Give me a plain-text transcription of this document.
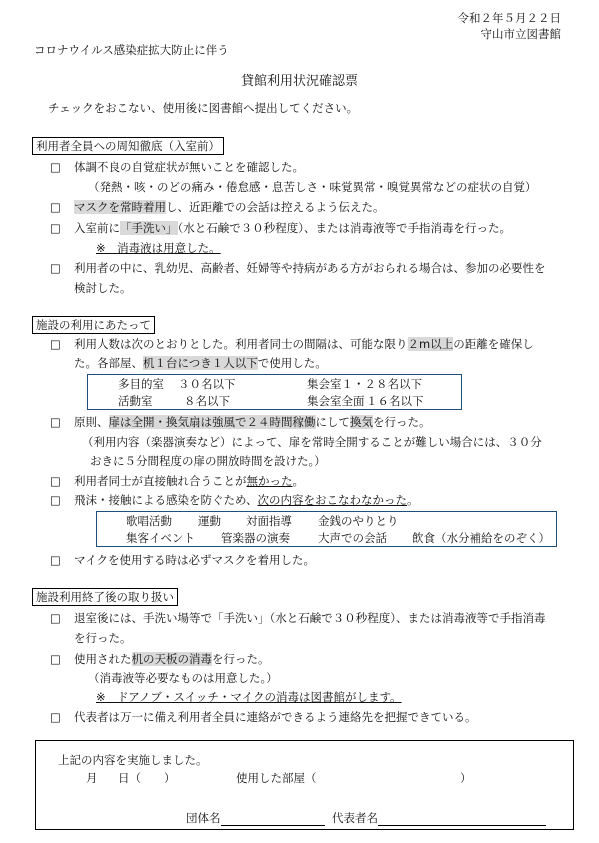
令和２年５月２２日
守山市立図書館
コロナウイルス感染症拡大防止に伴う
貸館利用状況確認票
チェックをおこない、使用後に図書館へ提出してください。
利用者全員への周知徹底（入室前）
□ 体調不良の自覚症状が無いことを確認した。
（発熱・咳・のどの痛み・倦怠感・息苦しさ・味覚異常・嗅覚異常などの症状の自覚）
□ マスクを常時着用し、近距離での会話は控えるよう伝えた。
□ 入室前に「手洗い」（水と石鹸で３０秒程度）、または消毒液等で手指消毒を行った。
※　消毒液は用意した。
□ 利用者の中に、乳幼児、高齢者、妊婦等や持病がある方がおられる場合は、参加の必要性を
検討した。
施設の利用にあたって
□ 利用人数は次のとおりとした。利用者同士の間隔は、可能な限り２m以上の距離を確保し
た。各部屋、机１台につき１人以下で使用した。
多目的室 ３０名以下	集会室１・２ ８名以下
活動室	８名以下	集会室全面 １６名以下
□ 原則、扉は全開・換気扇は強風で２４時間稼働にして換気を行った。
（利用内容（楽器演奏など）によって、扉を常時全開することが難しい場合には、３０分
おきに５分間程度の扉の開放時間を設けた。）
□ 利用者同士が直接触れ合うことが無かった。
□ 飛沫・接触による感染を防ぐため、次の内容をおこなわなかった。
歌唱活動 運動 対面指導 金銭のやりとり
集客イベント 管楽器の演奏 大声での会話 飲食（水分補給をのぞく）
□ マイクを使用する時は必ずマスクを着用した。
施設利用終了後の取り扱い
□ 退室後には、手洗い場等で「手洗い」（水と石鹸で３０秒程度）、または消毒液等で手指消毒
を行った。
□ 使用された机の天板の消毒を行った。
（消毒液等必要なものは用意した。）
※　ドアノブ・スイッチ・マイクの消毒は図書館がします。
□ 代表者は万一に備え利用者全員に連絡ができるよう連絡先を把握できている。
上記の内容を実施しました。
月 日（　　）	使用した部屋（	）
団体名	代表者名
